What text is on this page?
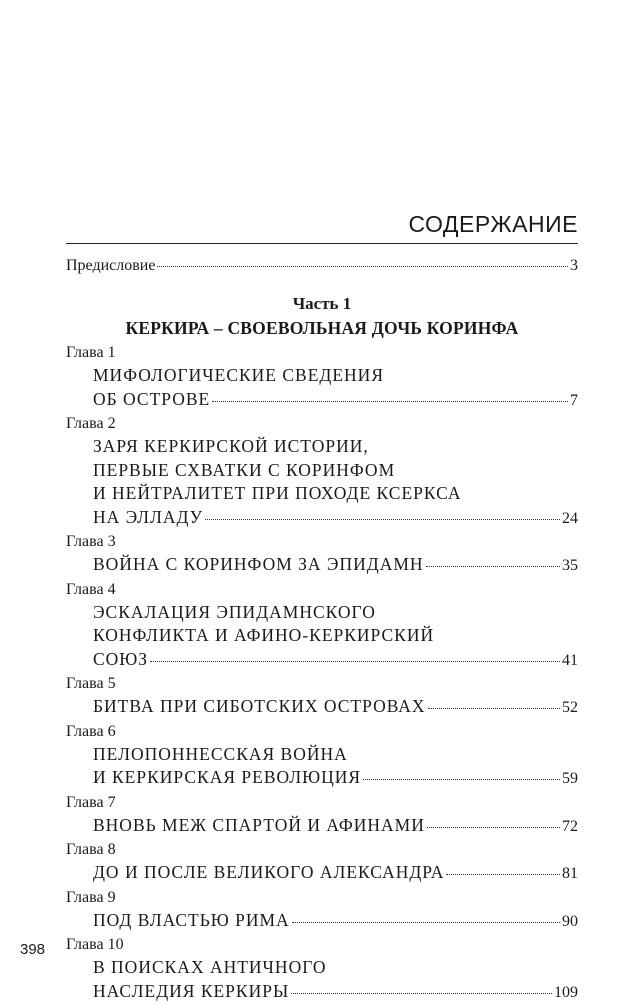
СОДЕРЖАНИЕ
Предисловие	3
Часть 1
КЕРКИРА – СВОЕВОЛЬНАЯ ДОЧЬ КОРИНФА
Глава 1
МИФОЛОГИЧЕСКИЕ СВЕДЕНИЯ
ОБ ОСТРОВЕ	7
Глава 2
ЗАРЯ КЕРКИРСКОЙ ИСТОРИИ,
ПЕРВЫЕ СХВАТКИ С КОРИНФОМ
И НЕЙТРАЛИТЕТ ПРИ ПОХОДЕ КСЕРКСА
НА ЭЛЛАДУ	24
Глава 3
ВОЙНА С КОРИНФОМ ЗА ЭПИДАМН	35
Глава 4
ЭСКАЛАЦИЯ ЭПИДАМНСКОГО
КОНФЛИКТА И АФИНО-КЕРКИРСКИЙ
СОЮЗ	41
Глава 5
БИТВА ПРИ СИБОТСКИХ ОСТРОВАХ	52
Глава 6
ПЕЛОПОННЕССКАЯ ВОЙНА
И КЕРКИРСКАЯ РЕВОЛЮЦИЯ	59
Глава 7
ВНОВЬ МЕЖ СПАРТОЙ И АФИНАМИ	72
Глава 8
ДО И ПОСЛЕ ВЕЛИКОГО АЛЕКСАНДРА	81
Глава 9
ПОД ВЛАСТЬЮ РИМА	90
Глава 10
В ПОИСКАХ АНТИЧНОГО
НАСЛЕДИЯ КЕРКИРЫ	109
398
